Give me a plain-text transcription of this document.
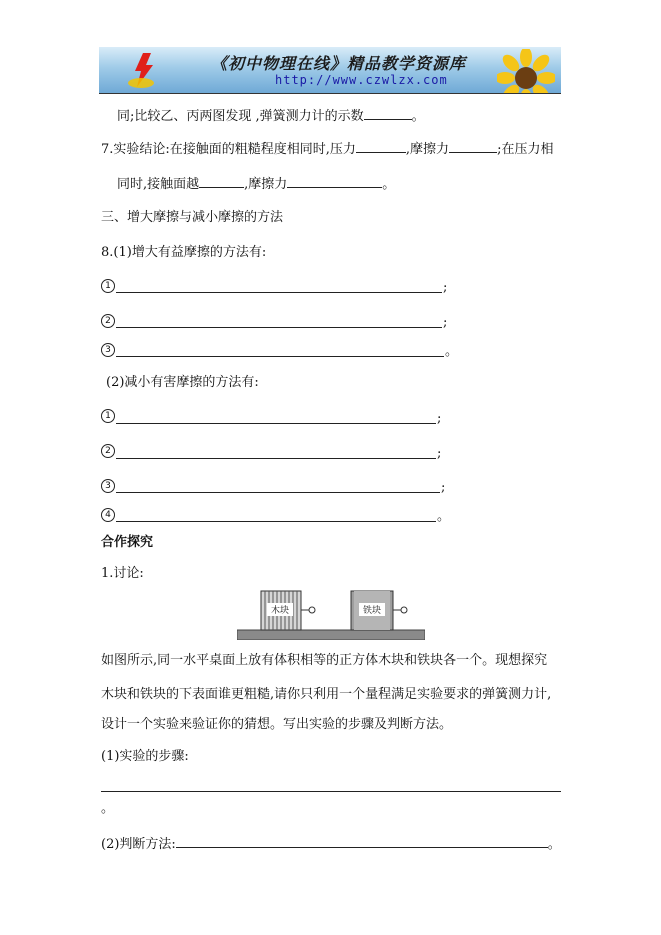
《初中物理在线》精品教学资源库
http://www.czwlzx.com
同;比较乙、丙两图发现 ,弹簧测力计的示数	。
7.实验结论:在接触面的粗糙程度相同时,压力	,摩擦力	;在压力相
同时,接触面越	,摩擦力	。
三、增大摩擦与减小摩擦的方法
8.(1)增大有益摩擦的方法有:
1	;
2	;
3	。
(2)减小有害摩擦的方法有:
1	;
2	;
3	;
4	。
合作探究
1.讨论:
木块	铁块
如图所示,同一水平桌面上放有体积相等的正方体木块和铁块各一个。现想探究
木块和铁块的下表面谁更粗糙,请你只利用一个量程满足实验要求的弹簧测力计,
设计一个实验来验证你的猜想。写出实验的步骤及判断方法。
(1)实验的步骤:
。
(2)判断方法:	。
